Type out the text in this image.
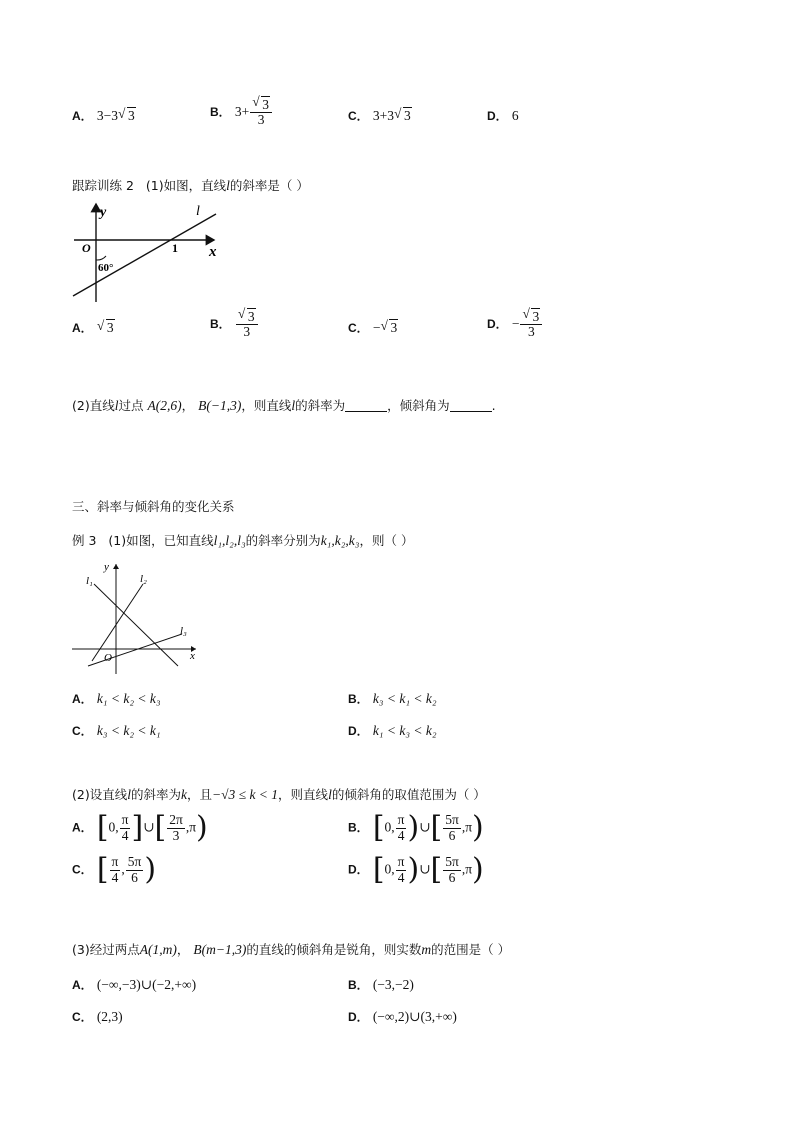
A． 3−3 √ 3	B． 3+ √ $\frac{3}{3}$	C． 3+3 √ 3	D． 6
跟踪训练 2 (1)如图，直线l的斜率是（ ）
y	l
O	1 x
60°
A． √ 3	B． √ $\frac{3}{3}$	C． − √ 3	D． − √ $\frac{3}{3}$
(2)直线l过点 A(2,6)， B(−1,3)，则直线l的斜率为	，倾斜角为	.
三、斜率与倾斜角的变化关系
例 3 (1)如图，已知直线l₁,l₂,l₃的斜率分别为k₁,k₂,k₃，则（ ）
y
l₁	l₂
l₃
O	x
A． k₁ < k₂ < k₃	B． k₃ < k₁ < k₂
C． k₃ < k₂ < k₁	D． k₁ < k₃ < k₂
(2)设直线l的斜率为k，且−√3 ≤ k < 1，则直线l的倾斜角的取值范围为（ ）
A． [0, $\frac{\pi}{4}$ ]∪[ $\frac{2\pi}{3} ,\pi$)	B． [0, $\frac{\pi}{4}$ )∪[ $\frac{5\pi}{6} ,\pi$)
C． [ $\frac{\pi}{4}$ , $\frac{5\pi}{6}$ )	D． [0, $\frac{\pi}{4}$ )∪[ $\frac{5\pi}{6} ,\pi$)
(3)经过两点A(1,m)， B(m−1,3)的直线的倾斜角是锐角，则实数m的范围是（ ）
A． (−∞,−3)∪(−2,+∞)	B． (−3,−2)
C． (2,3)	D． (−∞,2)∪(3,+∞)
